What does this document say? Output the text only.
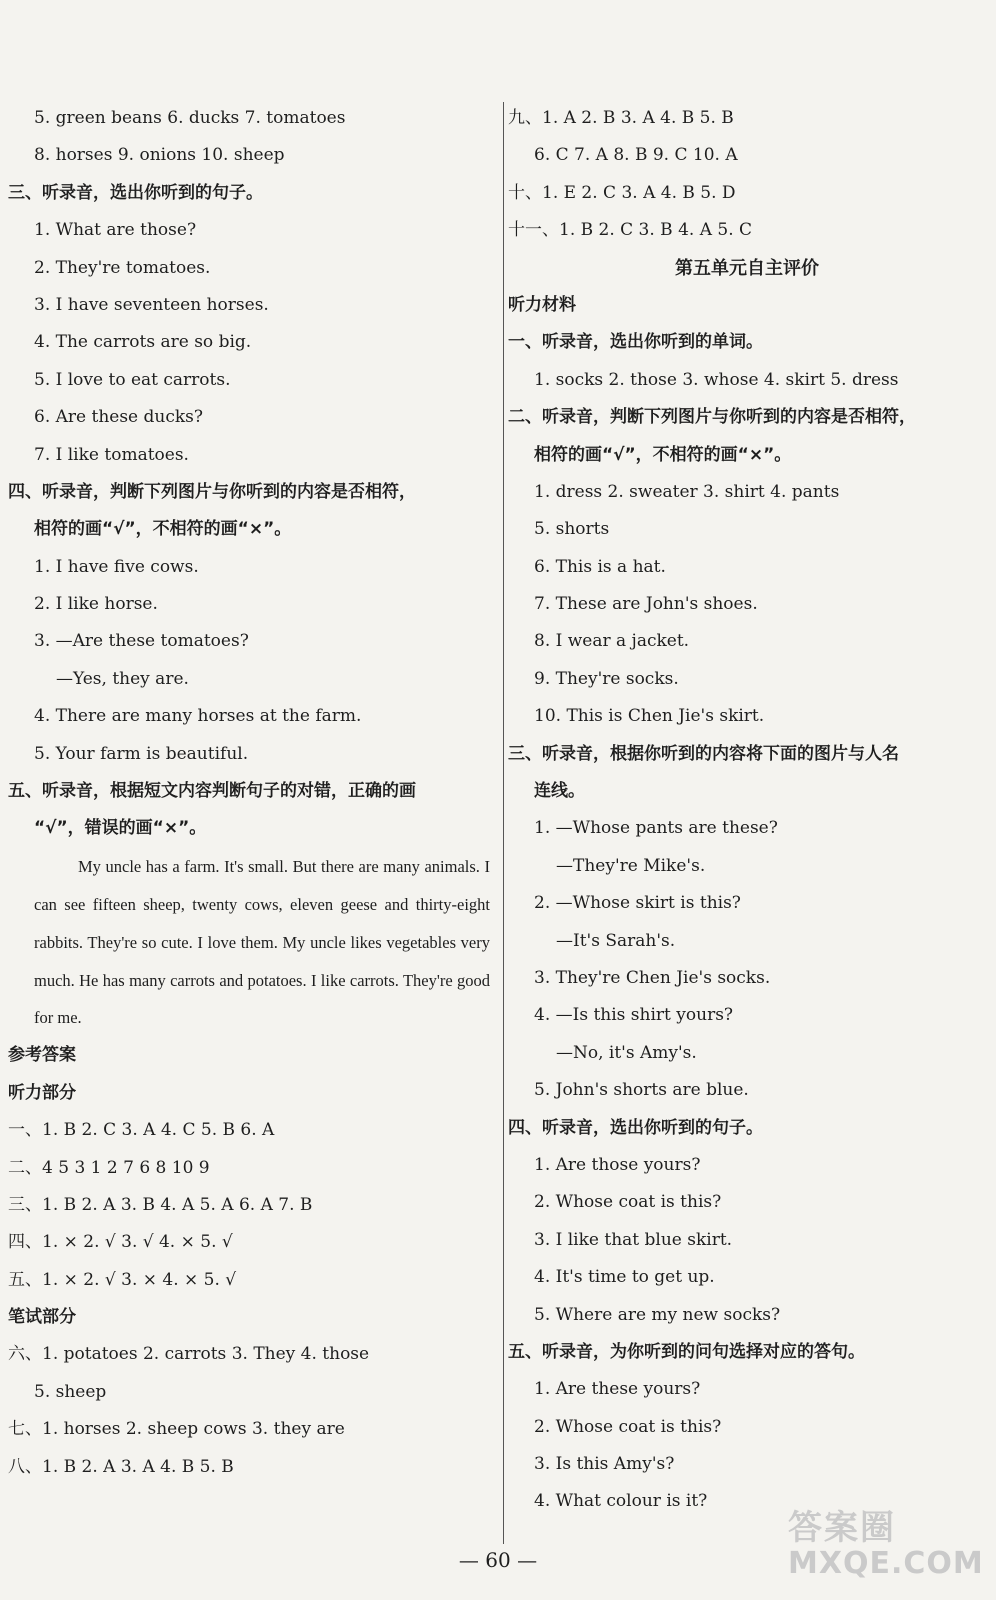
5. green beans 6. ducks 7. tomatoes
8. horses 9. onions 10. sheep
三、听录音，选出你听到的句子。
1. What are those?
2. They're tomatoes.
3. I have seventeen horses.
4. The carrots are so big.
5. I love to eat carrots.
6. Are these ducks?
7. I like tomatoes.
四、听录音，判断下列图片与你听到的内容是否相符，
相符的画“√”，不相符的画“×”。
1. I have five cows.
2. I like horse.
3. —Are these tomatoes?
—Yes, they are.
4. There are many horses at the farm.
5. Your farm is beautiful.
五、听录音，根据短文内容判断句子的对错，正确的画
“√”，错误的画“×”。

My uncle has a farm. It's small. But there are many animals. I can see fifteen sheep, twenty cows, eleven geese and thirty-eight rabbits. They're so cute. I love them. My uncle likes vegetables very much. He has many carrots and potatoes. I like carrots. They're good for me.

参考答案
听力部分
一、1. B 2. C 3. A 4. C 5. B 6. A
二、4 5 3 1 2 7 6 8 10 9
三、1. B 2. A 3. B 4. A 5. A 6. A 7. B
四、1. × 2. √ 3. √ 4. × 5. √
五、1. × 2. √ 3. × 4. × 5. √
笔试部分
六、1. potatoes 2. carrots 3. They 4. those
5. sheep
七、1. horses 2. sheep cows 3. they are
八、1. B 2. A 3. A 4. B 5. B
九、1. A 2. B 3. A 4. B 5. B
6. C 7. A 8. B 9. C 10. A
十、1. E 2. C 3. A 4. B 5. D
十一、1. B 2. C 3. B 4. A 5. C
第五单元自主评价
听力材料
一、听录音，选出你听到的单词。
1. socks 2. those 3. whose 4. skirt 5. dress
二、听录音，判断下列图片与你听到的内容是否相符，
相符的画“√”，不相符的画“×”。
1. dress 2. sweater 3. shirt 4. pants
5. shorts
6. This is a hat.
7. These are John's shoes.
8. I wear a jacket.
9. They're socks.
10. This is Chen Jie's skirt.
三、听录音，根据你听到的内容将下面的图片与人名
连线。
1. —Whose pants are these?
—They're Mike's.
2. —Whose skirt is this?
—It's Sarah's.
3. They're Chen Jie's socks.
4. —Is this shirt yours?
—No, it's Amy's.
5. John's shorts are blue.
四、听录音，选出你听到的句子。
1. Are those yours?
2. Whose coat is this?
3. I like that blue skirt.
4. It's time to get up.
5. Where are my new socks?
五、听录音，为你听到的问句选择对应的答句。
1. Are these yours?
2. Whose coat is this?
3. Is this Amy's?
4. What colour is it?
— 60 —
答案圈
MXQE.COM
